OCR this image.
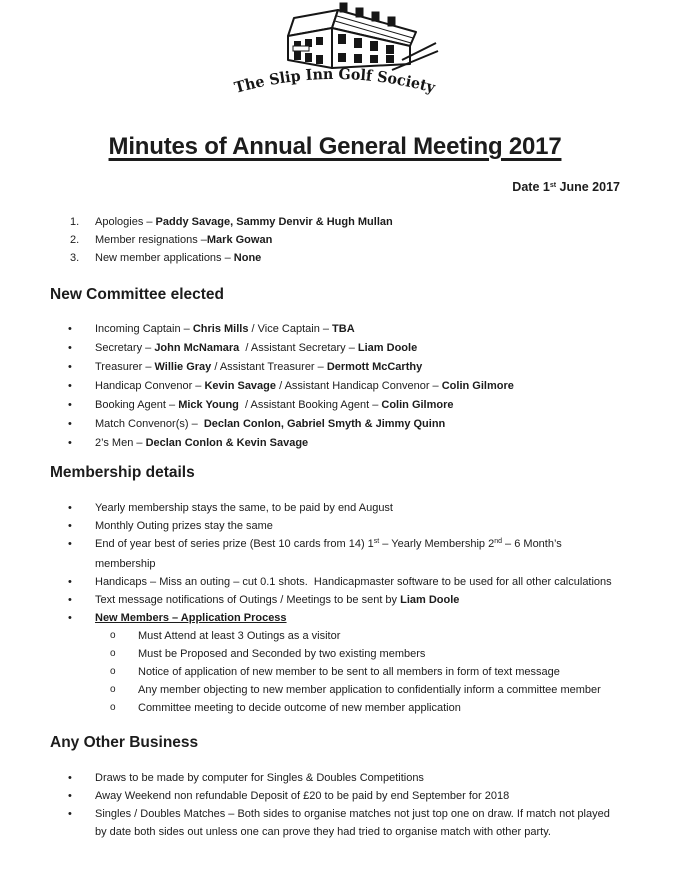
The Slip Inn Golf Society
Minutes of Annual General Meeting 2017
Date 1st June 2017
1.	Apologies – Paddy Savage, Sammy Denvir & Hugh Mullan
2.	Member resignations –Mark Gowan
3.	New member applications – None
New Committee elected
•	Incoming Captain – Chris Mills / Vice Captain – TBA
•	Secretary – John McNamara  / Assistant Secretary – Liam Doole
•	Treasurer – Willie Gray / Assistant Treasurer – Dermott McCarthy
•	Handicap Convenor – Kevin Savage / Assistant Handicap Convenor – Colin Gilmore
•	Booking Agent – Mick Young  / Assistant Booking Agent – Colin Gilmore
•	Match Convenor(s) –  Declan Conlon, Gabriel Smyth & Jimmy Quinn
•	2’s Men – Declan Conlon & Kevin Savage
Membership details
•	Yearly membership stays the same, to be paid by end August
•	Monthly Outing prizes stay the same
•	End of year best of series prize (Best 10 cards from 14) 1st – Yearly Membership 2nd – 6 Month’s membership
•	Handicaps – Miss an outing – cut 0.1 shots.  Handicapmaster software to be used for all other calculations
•	Text message notifications of Outings / Meetings to be sent by Liam Doole
•	New Members – Application Process
o	Must Attend at least 3 Outings as a visitor
o	Must be Proposed and Seconded by two existing members
o	Notice of application of new member to be sent to all members in form of text message
o	Any member objecting to new member application to confidentially inform a committee member
o	Committee meeting to decide outcome of new member application
Any Other Business
•	Draws to be made by computer for Singles & Doubles Competitions
•	Away Weekend non refundable Deposit of £20 to be paid by end September for 2018
•	Singles / Doubles Matches – Both sides to organise matches not just top one on draw. If match not played by date both sides out unless one can prove they had tried to organise match with other party.
